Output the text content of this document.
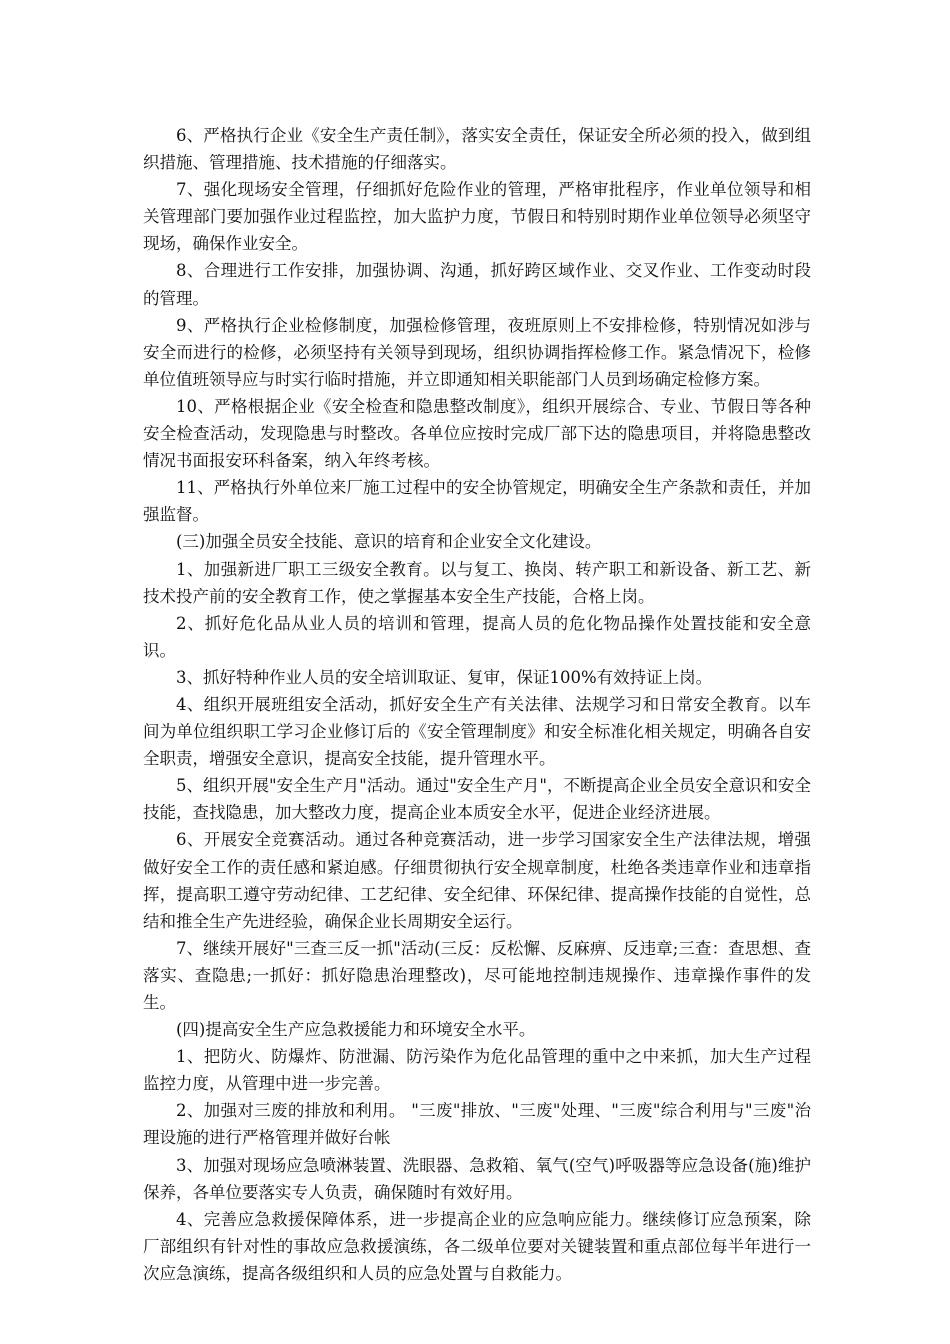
6、严格执行企业《安全生产责任制》，落实安全责任，保证安全所必须的投入，做到组织措施、管理措施、技术措施的仔细落实。

7、强化现场安全管理，仔细抓好危险作业的管理，严格审批程序，作业单位领导和相关管理部门要加强作业过程监控，加大监护力度，节假日和特别时期作业单位领导必须坚守现场，确保作业安全。

8、合理进行工作安排，加强协调、沟通，抓好跨区域作业、交叉作业、工作变动时段的管理。

9、严格执行企业检修制度，加强检修管理，夜班原则上不安排检修，特别情况如涉与安全而进行的检修，必须坚持有关领导到现场，组织协调指挥检修工作。紧急情况下，检修单位值班领导应与时实行临时措施，并立即通知相关职能部门人员到场确定检修方案。

10、严格根据企业《安全检查和隐患整改制度》，组织开展综合、专业、节假日等各种安全检查活动，发现隐患与时整改。各单位应按时完成厂部下达的隐患项目，并将隐患整改情况书面报安环科备案，纳入年终考核。

11、严格执行外单位来厂施工过程中的安全协管规定，明确安全生产条款和责任，并加强监督。

(三)加强全员安全技能、意识的培育和企业安全文化建设。

1、加强新进厂职工三级安全教育。以与复工、换岗、转产职工和新设备、新工艺、新技术投产前的安全教育工作，使之掌握基本安全生产技能，合格上岗。

2、抓好危化品从业人员的培训和管理，提高人员的危化物品操作处置技能和安全意识。

3、抓好特种作业人员的安全培训取证、复审，保证100%有效持证上岗。

4、组织开展班组安全活动，抓好安全生产有关法律、法规学习和日常安全教育。以车间为单位组织职工学习企业修订后的《安全管理制度》和安全标准化相关规定，明确各自安全职责，增强安全意识，提高安全技能，提升管理水平。

5、组织开展"安全生产月"活动。通过"安全生产月"，不断提高企业全员安全意识和安全技能，查找隐患，加大整改力度，提高企业本质安全水平，促进企业经济进展。

6、开展安全竞赛活动。通过各种竞赛活动，进一步学习国家安全生产法律法规，增强做好安全工作的责任感和紧迫感。仔细贯彻执行安全规章制度，杜绝各类违章作业和违章指挥，提高职工遵守劳动纪律、工艺纪律、安全纪律、环保纪律、提高操作技能的自觉性，总结和推全生产先进经验，确保企业长周期安全运行。

7、继续开展好"三查三反一抓"活动(三反：反松懈、反麻痹、反违章;三查：查思想、查落实、查隐患;一抓好：抓好隐患治理整改)，尽可能地控制违规操作、违章操作事件的发生。

(四)提高安全生产应急救援能力和环境安全水平。

1、把防火、防爆炸、防泄漏、防污染作为危化品管理的重中之中来抓，加大生产过程监控力度，从管理中进一步完善。

2、加强对三废的排放和利用。 "三废"排放、"三废"处理、"三废"综合利用与"三废"治理设施的进行严格管理并做好台帐

3、加强对现场应急喷淋装置、洗眼器、急救箱、氧气(空气)呼吸器等应急设备(施)维护保养，各单位要落实专人负责，确保随时有效好用。

4、完善应急救援保障体系，进一步提高企业的应急响应能力。继续修订应急预案，除厂部组织有针对性的事故应急救援演练，各二级单位要对关键装置和重点部位每半年进行一次应急演练，提高各级组织和人员的应急处置与自救能力。
